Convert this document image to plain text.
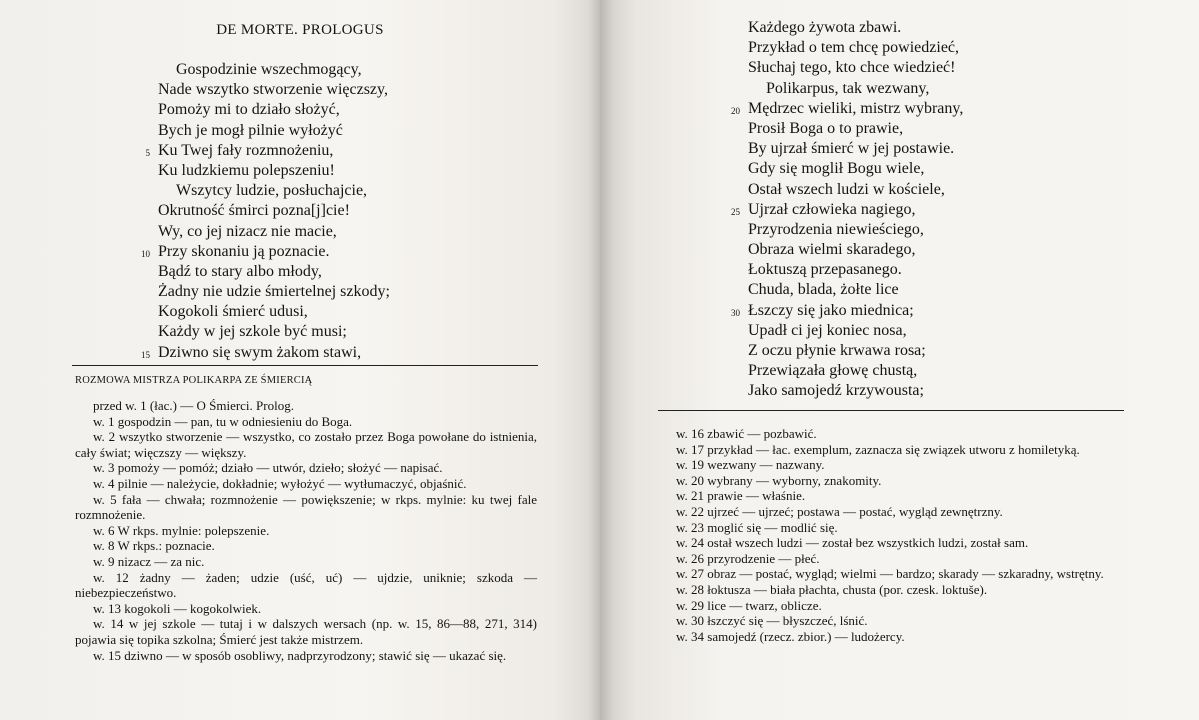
DE MORTE. PROLOGUS
Gospodzinie wszechmogący,
Nade wszytko stworzenie więczszy,
Pomoży mi to działo słożyć,
Bych je mogł pilnie wyłożyć
5 Ku Twej fały rozmnożeniu,
Ku ludzkiemu polepszeniu!
Wszytcy ludzie, posłuchajcie,
Okrutność śmirci pozna[j]cie!
Wy, co jej nizacz nie macie,
10 Przy skonaniu ją poznacie.
Bądź to stary albo młody,
Żadny nie udzie śmiertelnej szkody;
Kogokoli śmierć udusi,
Każdy w jej szkole być musi;
15 Dziwno się swym żakom stawi,
ROZMOWA MISTRZA POLIKARPA ZE ŚMIERCIĄ
przed w. 1 (łac.) — O Śmierci. Prolog.
w. 1 gospodzin — pan, tu w odniesieniu do Boga.
w. 2 wszytko stworzenie — wszystko, co zostało przez Boga powołane do istnienia, cały świat; więczszy — większy.
w. 3 pomoży — pomóż; działo — utwór, dzieło; słożyć — napisać.
w. 4 pilnie — należycie, dokładnie; wyłożyć — wytłumaczyć, objaśnić.
w. 5 fała — chwała; rozmnożenie — powiększenie; w rkps. mylnie: ku twej fale rozmnożenie.
w. 6 W rkps. mylnie: polepszenie.
w. 8 W rkps.: poznacie.
w. 9 nizacz — za nic.
w. 12 żadny — żaden; udzie (uść, uć) — ujdzie, uniknie; szkoda — niebezpieczeństwo.
w. 13 kogokoli — kogokolwiek.
w. 14 w jej szkole — tutaj i w dalszych wersach (np. w. 15, 86—88, 271, 314) pojawia się topika szkolna; Śmierć jest także mistrzem.
w. 15 dziwno — w sposób osobliwy, nadprzyrodzony; stawić się — ukazać się.
Każdego żywota zbawi.
Przykład o tem chcę powiedzieć,
Słuchaj tego, kto chce wiedzieć!
Polikarpus, tak wezwany,
20 Mędrzec wieliki, mistrz wybrany,
Prosił Boga o to prawie,
By ujrzał śmierć w jej postawie.
Gdy się moglił Bogu wiele,
Ostał wszech ludzi w kościele,
25 Ujrzał człowieka nagiego,
Przyrodzenia niewieściego,
Obraza wielmi skaradego,
Łoktuszą przepasanego.
Chuda, blada, żołte lice
30 Łszczy się jako miednica;
Upadł ci jej koniec nosa,
Z oczu płynie krwawa rosa;
Przewiązała głowę chustą,
Jako samojedź krzywousta;
w. 16 zbawić — pozbawić.
w. 17 przykład — łac. exemplum, zaznacza się związek utworu z homiletyką.
w. 19 wezwany — nazwany.
w. 20 wybrany — wyborny, znakomity.
w. 21 prawie — właśnie.
w. 22 ujrzeć — ujrzeć; postawa — postać, wygląd zewnętrzny.
w. 23 moglić się — modlić się.
w. 24 ostał wszech ludzi — został bez wszystkich ludzi, został sam.
w. 26 przyrodzenie — płeć.
w. 27 obraz — postać, wygląd; wielmi — bardzo; skarady — szkaradny, wstrętny.
w. 28 łoktusza — biała płachta, chusta (por. czesk. loktuše).
w. 29 lice — twarz, oblicze.
w. 30 łszczyć się — błyszczeć, lśnić.
w. 34 samojedź (rzecz. zbior.) — ludożercy.
